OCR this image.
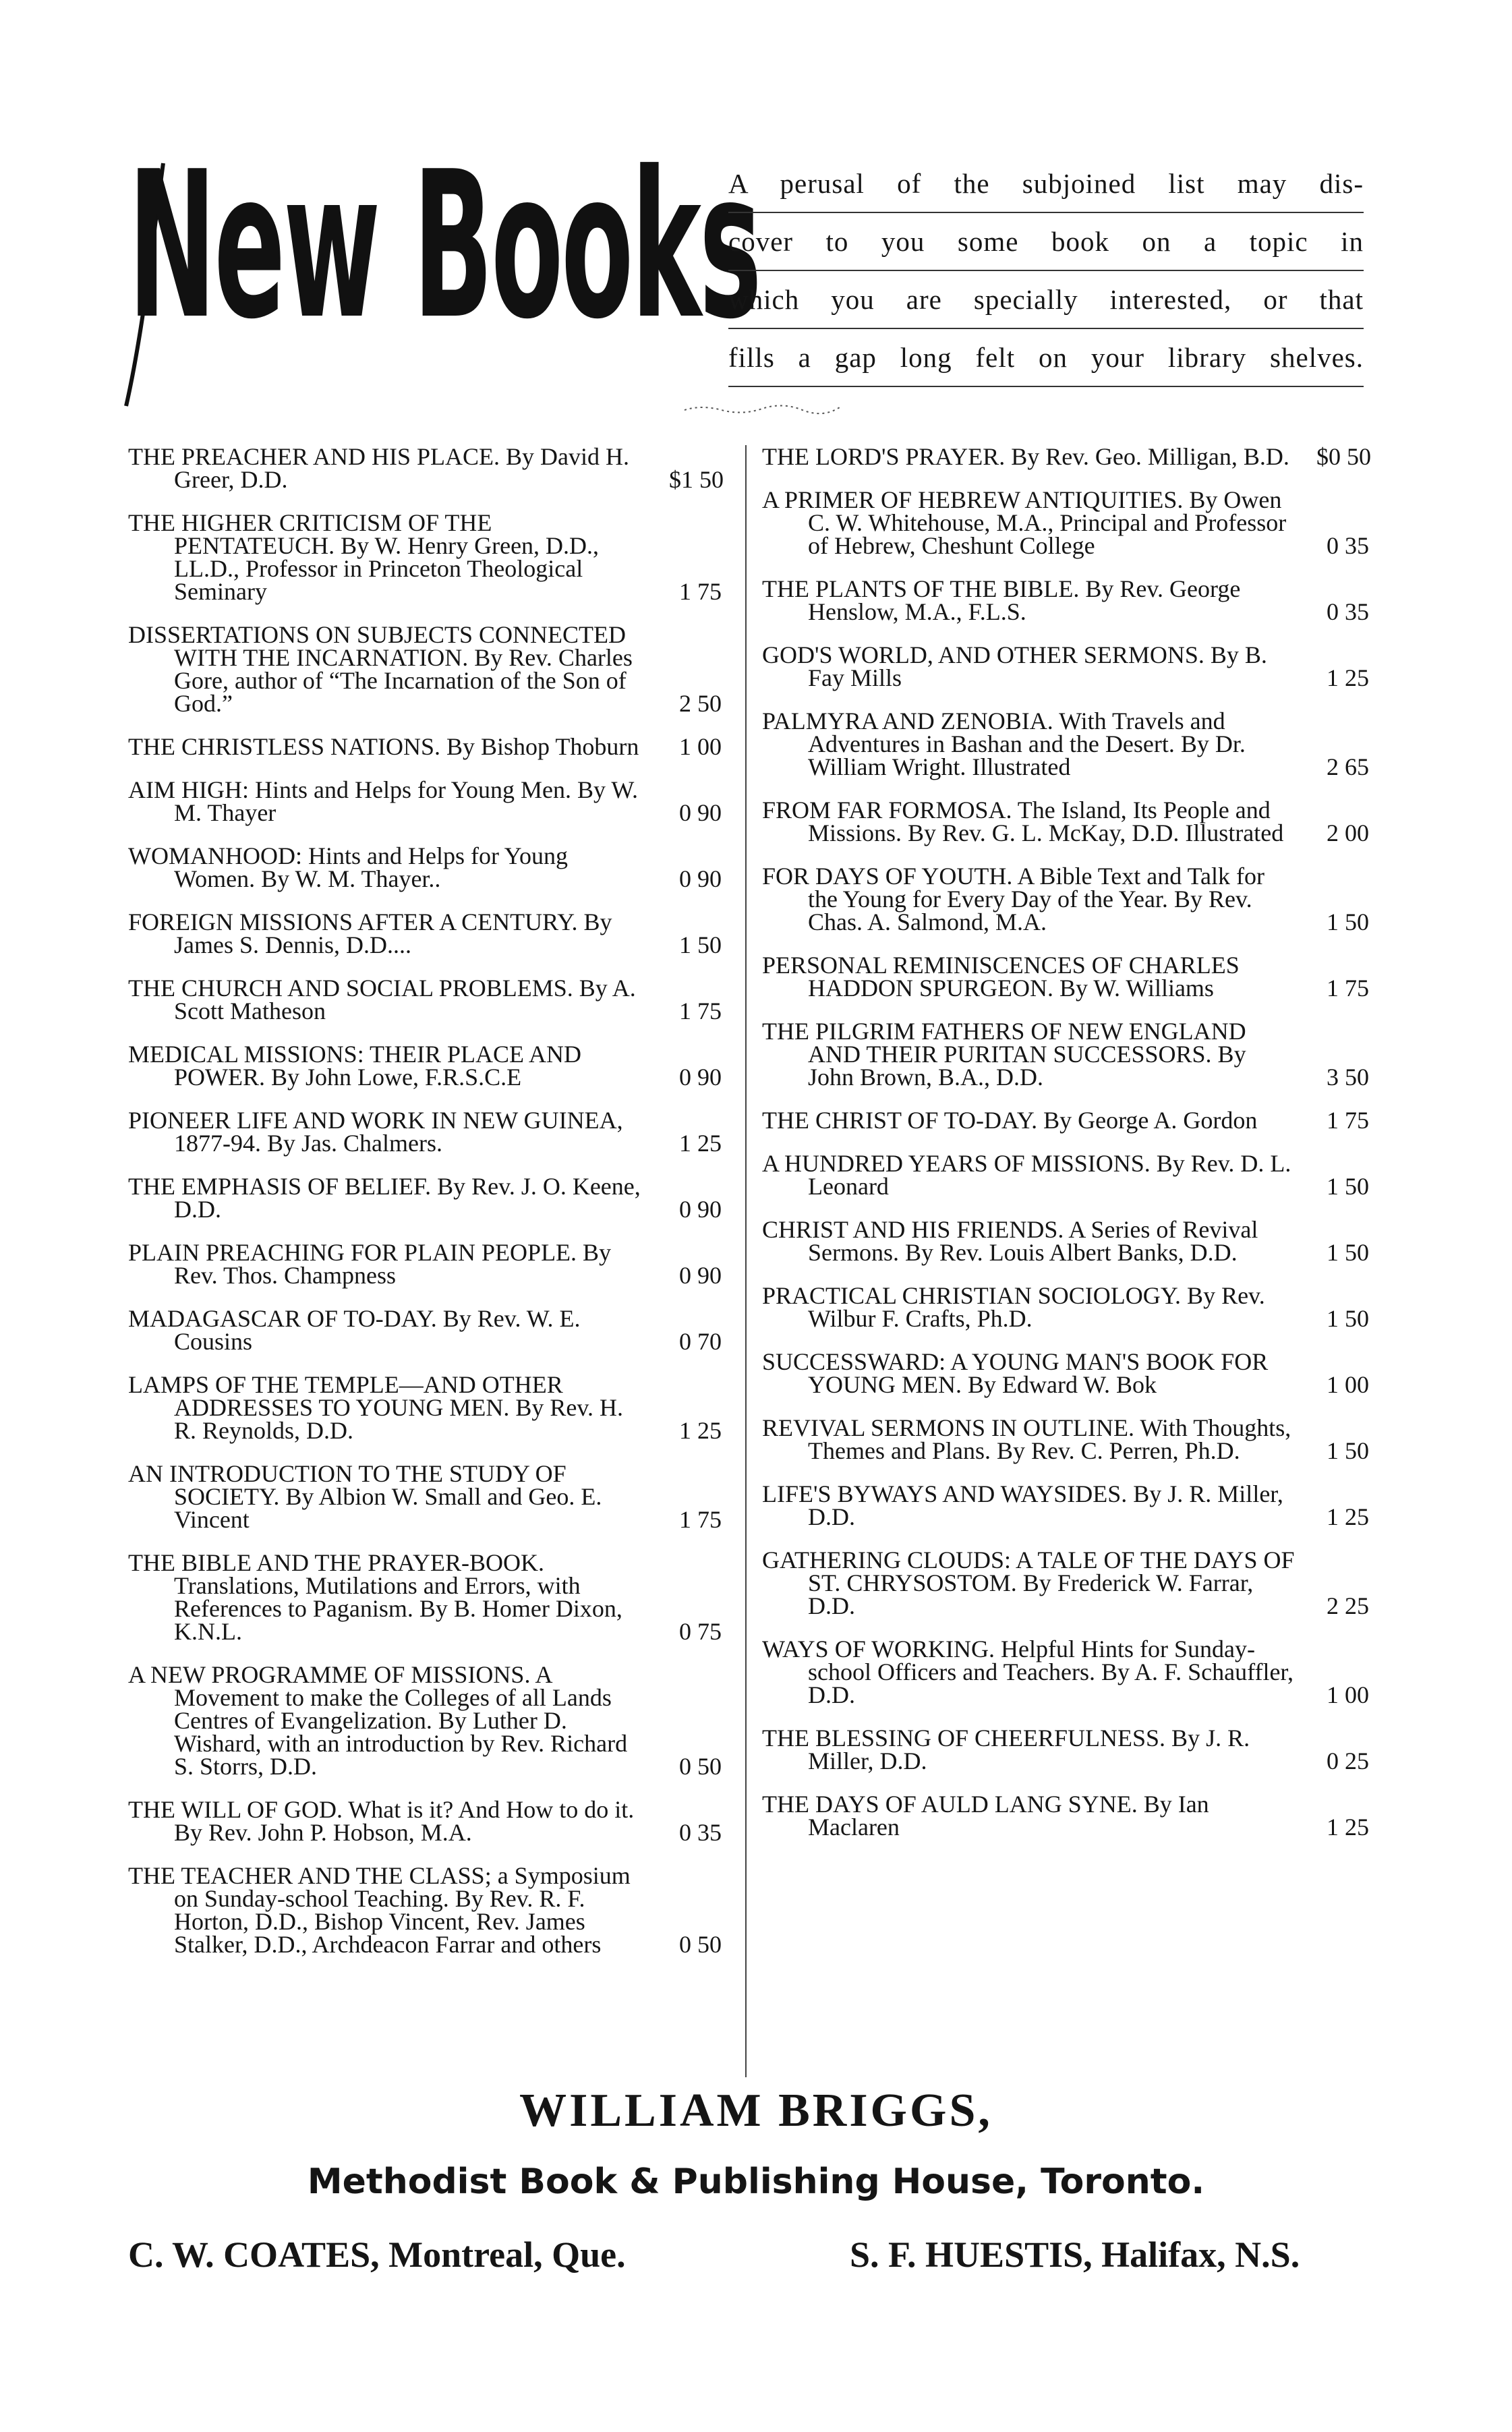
New Books
A perusal of the subjoined list may dis-
cover to you some book on a topic in
which you are specially interested, or that
fills a gap long felt on your library shelves.
THE PREACHER AND HIS PLACE. By David H. Greer, D.D.	$1 50
THE HIGHER CRITICISM OF THE PENTATEUCH. By W. Henry Green, D.D., LL.D., Professor in Princeton Theological Seminary	1 75
DISSERTATIONS ON SUBJECTS CONNECTED WITH THE INCARNATION. By Rev. Charles Gore, author of “The Incarnation of the Son of God.”	2 50
THE CHRISTLESS NATIONS. By Bishop Thoburn	1 00
AIM HIGH: Hints and Helps for Young Men. By W. M. Thayer	0 90
WOMANHOOD: Hints and Helps for Young Women. By W. M. Thayer..	0 90
FOREIGN MISSIONS AFTER A CENTURY. By James S. Dennis, D.D....	1 50
THE CHURCH AND SOCIAL PROBLEMS. By A. Scott Matheson	1 75
MEDICAL MISSIONS: THEIR PLACE AND POWER. By John Lowe, F.R.S.C.E	0 90
PIONEER LIFE AND WORK IN NEW GUINEA, 1877-94. By Jas. Chalmers.	1 25
THE EMPHASIS OF BELIEF. By Rev. J. O. Keene, D.D.	0 90
PLAIN PREACHING FOR PLAIN PEOPLE. By Rev. Thos. Champness	0 90
MADAGASCAR OF TO-DAY. By Rev. W. E. Cousins	0 70
LAMPS OF THE TEMPLE—AND OTHER ADDRESSES TO YOUNG MEN. By Rev. H. R. Reynolds, D.D.	1 25
AN INTRODUCTION TO THE STUDY OF SOCIETY. By Albion W. Small and Geo. E. Vincent	1 75
THE BIBLE AND THE PRAYER-BOOK. Translations, Mutilations and Errors, with References to Paganism. By B. Homer Dixon, K.N.L.	0 75
A NEW PROGRAMME OF MISSIONS. A Movement to make the Colleges of all Lands Centres of Evangelization. By Luther D. Wishard, with an introduction by Rev. Richard S. Storrs, D.D.	0 50
THE WILL OF GOD. What is it? And How to do it. By Rev. John P. Hobson, M.A.	0 35
THE TEACHER AND THE CLASS; a Symposium on Sunday-school Teaching. By Rev. R. F. Horton, D.D., Bishop Vincent, Rev. James Stalker, D.D., Archdeacon Farrar and others	0 50
THE LORD'S PRAYER. By Rev. Geo. Milligan, B.D.	$0 50
A PRIMER OF HEBREW ANTIQUITIES. By Owen C. W. Whitehouse, M.A., Principal and Professor of Hebrew, Cheshunt College	0 35
THE PLANTS OF THE BIBLE. By Rev. George Henslow, M.A., F.L.S.	0 35
GOD'S WORLD, AND OTHER SERMONS. By B. Fay Mills	1 25
PALMYRA AND ZENOBIA. With Travels and Adventures in Bashan and the Desert. By Dr. William Wright. Illustrated	2 65
FROM FAR FORMOSA. The Island, Its People and Missions. By Rev. G. L. McKay, D.D. Illustrated	2 00
FOR DAYS OF YOUTH. A Bible Text and Talk for the Young for Every Day of the Year. By Rev. Chas. A. Salmond, M.A.	1 50
PERSONAL REMINISCENCES OF CHARLES HADDON SPURGEON. By W. Williams	1 75
THE PILGRIM FATHERS OF NEW ENGLAND AND THEIR PURITAN SUCCESSORS. By John Brown, B.A., D.D.	3 50
THE CHRIST OF TO-DAY. By George A. Gordon	1 75
A HUNDRED YEARS OF MISSIONS. By Rev. D. L. Leonard	1 50
CHRIST AND HIS FRIENDS. A Series of Revival Sermons. By Rev. Louis Albert Banks, D.D.	1 50
PRACTICAL CHRISTIAN SOCIOLOGY. By Rev. Wilbur F. Crafts, Ph.D.	1 50
SUCCESSWARD: A YOUNG MAN'S BOOK FOR YOUNG MEN. By Edward W. Bok	1 00
REVIVAL SERMONS IN OUTLINE. With Thoughts, Themes and Plans. By Rev. C. Perren, Ph.D.	1 50
LIFE'S BYWAYS AND WAYSIDES. By J. R. Miller, D.D.	1 25
GATHERING CLOUDS: A TALE OF THE DAYS OF ST. CHRYSOSTOM. By Frederick W. Farrar, D.D.	2 25
WAYS OF WORKING. Helpful Hints for Sunday-school Officers and Teachers. By A. F. Schauffler, D.D.	1 00
THE BLESSING OF CHEERFULNESS. By J. R. Miller, D.D.	0 25
THE DAYS OF AULD LANG SYNE. By Ian Maclaren	1 25
WILLIAM BRIGGS,
Methodist Book & Publishing House, Toronto.
C. W. COATES, Montreal, Que.	S. F. HUESTIS, Halifax, N.S.
